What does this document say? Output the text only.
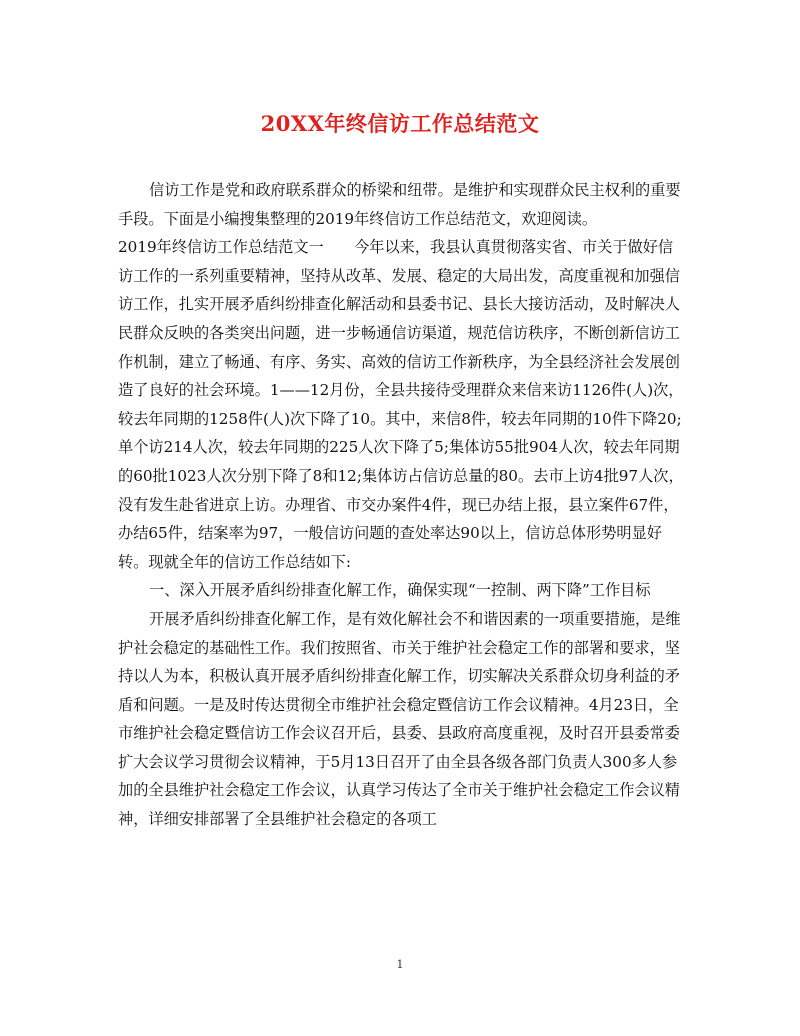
20XX年终信访工作总结范文

信访工作是党和政府联系群众的桥梁和纽带。是维护和实现群众民主权利的重要手段。下面是小编搜集整理的2019年终信访工作总结范文，欢迎阅读。

2019年终信访工作总结范文一　　今年以来，我县认真贯彻落实省、市关于做好信访工作的一系列重要精神，坚持从改革、发展、稳定的大局出发，高度重视和加强信访工作，扎实开展矛盾纠纷排查化解活动和县委书记、县长大接访活动，及时解决人民群众反映的各类突出问题，进一步畅通信访渠道，规范信访秩序，不断创新信访工作机制，建立了畅通、有序、务实、高效的信访工作新秩序，为全县经济社会发展创造了良好的社会环境。1——12月份，全县共接待受理群众来信来访1126件(人)次，较去年同期的1258件(人)次下降了10。其中，来信8件，较去年同期的10件下降20;单个访214人次，较去年同期的225人次下降了5;集体访55批904人次，较去年同期的60批1023人次分别下降了8和12;集体访占信访总量的80。去市上访4批97人次，没有发生赴省进京上访。办理省、市交办案件4件，现已办结上报，县立案件67件，办结65件，结案率为97，一般信访问题的查处率达90以上，信访总体形势明显好转。现就全年的信访工作总结如下:

一、深入开展矛盾纠纷排查化解工作，确保实现“一控制、两下降”工作目标

开展矛盾纠纷排查化解工作，是有效化解社会不和谐因素的一项重要措施，是维护社会稳定的基础性工作。我们按照省、市关于维护社会稳定工作的部署和要求，坚持以人为本，积极认真开展矛盾纠纷排查化解工作，切实解决关系群众切身利益的矛盾和问题。一是及时传达贯彻全市维护社会稳定暨信访工作会议精神。4月23日，全市维护社会稳定暨信访工作会议召开后，县委、县政府高度重视，及时召开县委常委扩大会议学习贯彻会议精神，于5月13日召开了由全县各级各部门负责人300多人参加的全县维护社会稳定工作会议，认真学习传达了全市关于维护社会稳定工作会议精神，详细安排部署了全县维护社会稳定的各项工

1
